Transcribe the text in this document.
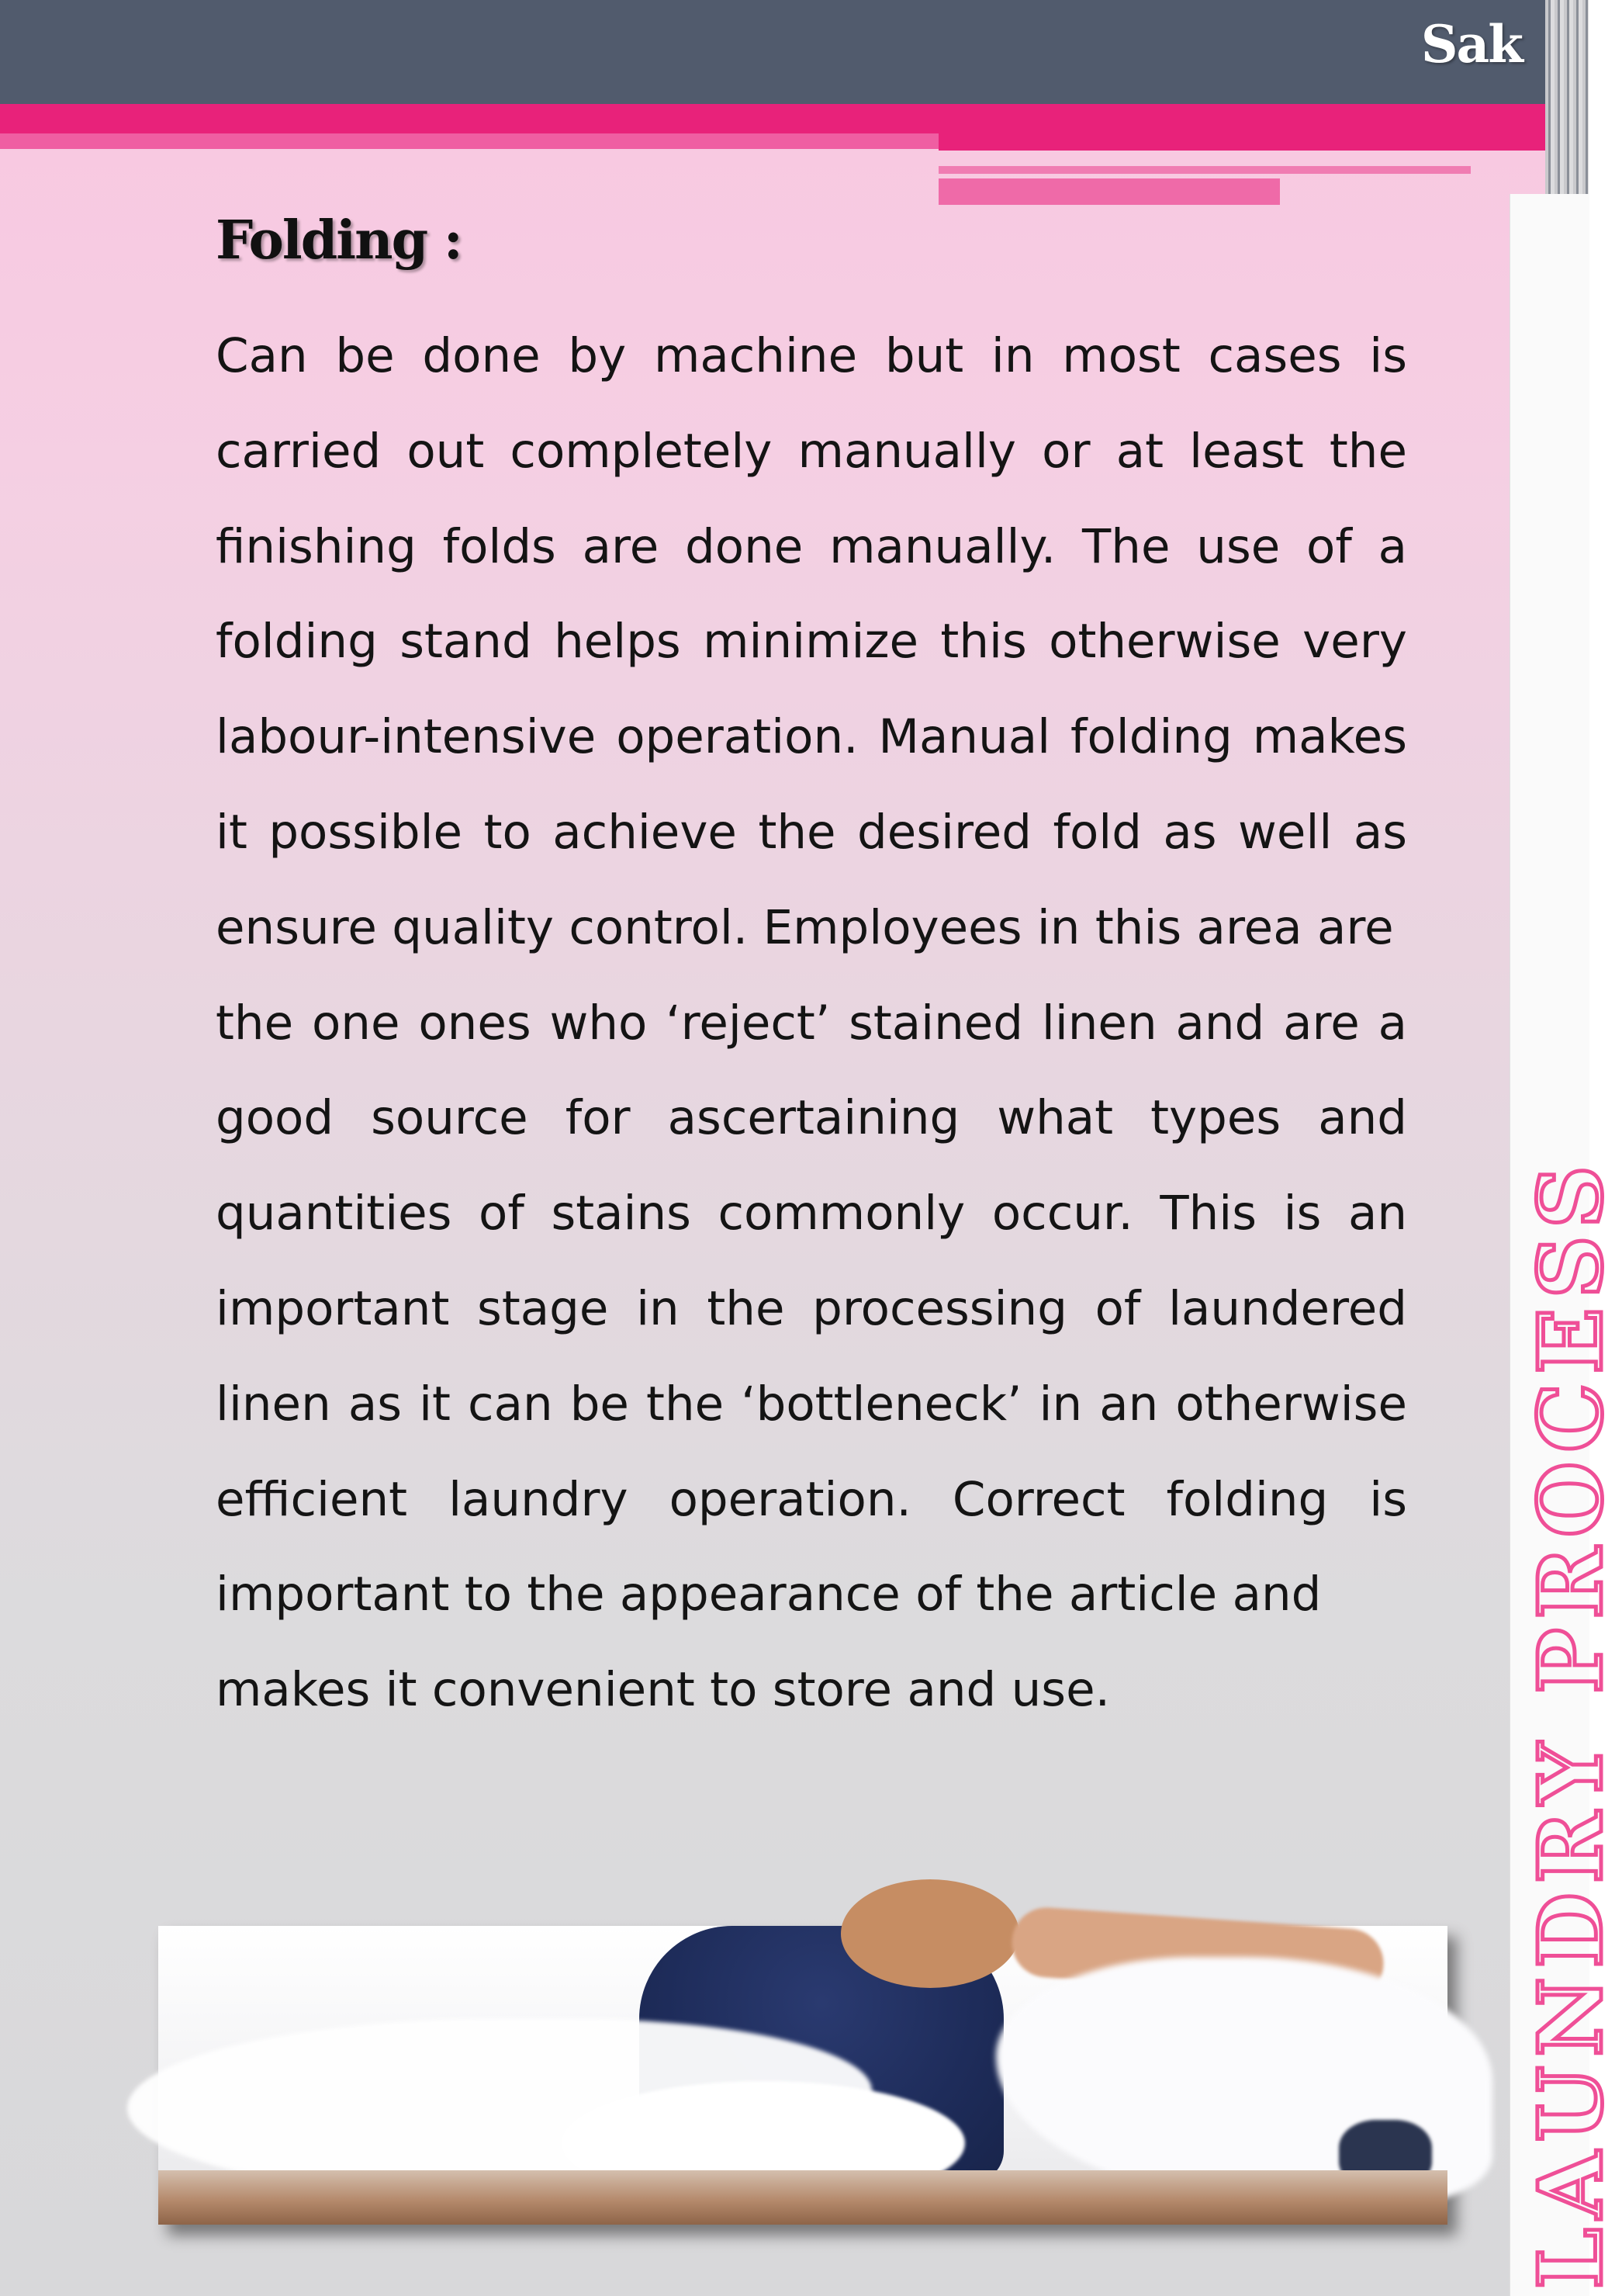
Sak
LAUNDRY PROCESS
Folding :

Can be done by machine but in most cases is carried out completely manually or at least the finishing folds are done manually. The use of a folding stand helps minimize this otherwise very labour-intensive operation. Manual folding makes it possible to achieve the desired fold as well as ensure quality control. Employees in this area are

the one ones who ‘reject’ stained linen and are a good source for ascertaining what types and quantities of stains commonly occur. This is an important stage in the processing of laundered linen as it can be the ‘bottleneck’ in an otherwise efficient laundry operation. Correct folding is important to the appearance of the article and

makes it convenient to store and use.
